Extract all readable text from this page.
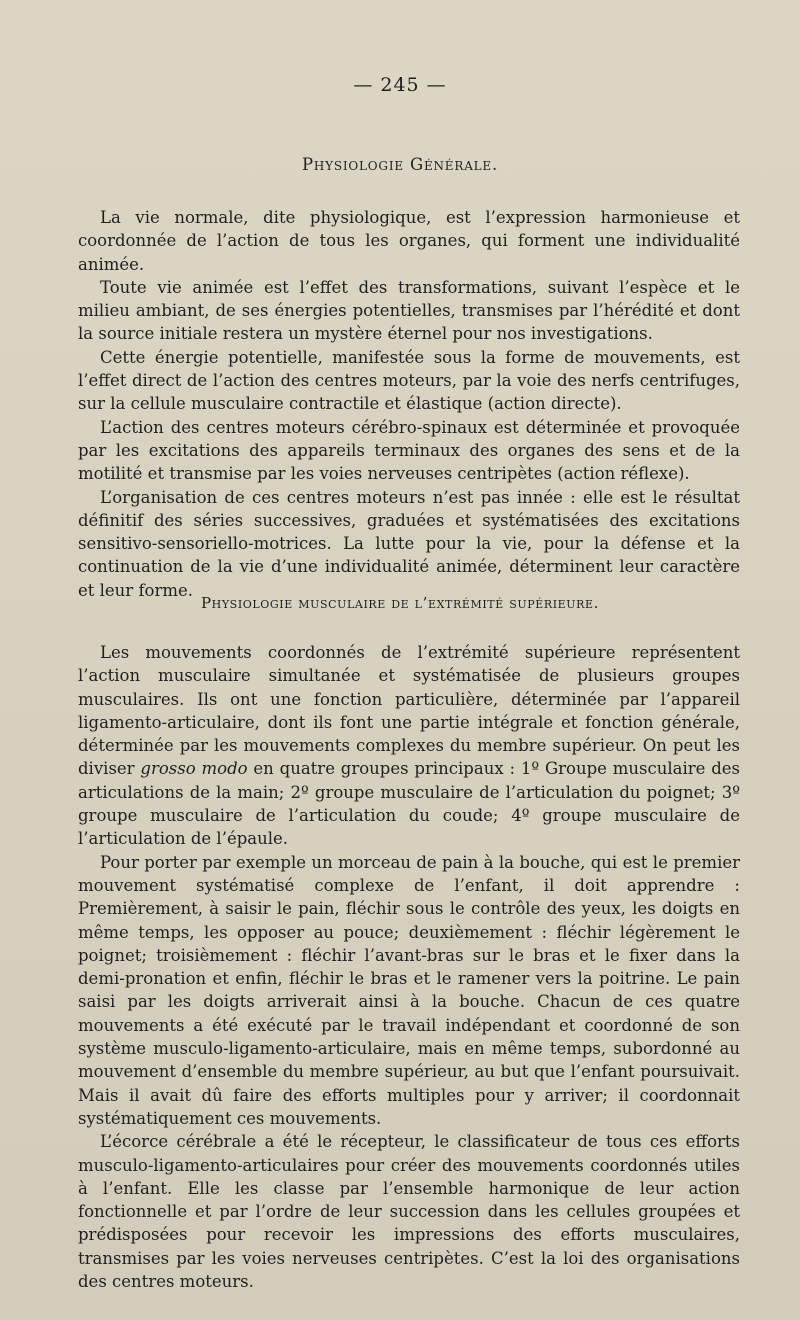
— 245 —
Physiologie Générale.

La vie normale, dite physiologique, est l’expression harmonieuse et coordonnée de l’action de tous les organes, qui forment une individualité animée.

Toute vie animée est l’effet des transformations, suivant l’espèce et le milieu ambiant, de ses énergies potentielles, transmises par l’hérédité et dont la source initiale restera un mystère éternel pour nos investigations.

Cette énergie potentielle, manifestée sous la forme de mouvements, est l’effet direct de l’action des centres moteurs, par la voie des nerfs centrifuges, sur la cellule musculaire contractile et élastique (action directe).

L’action des centres moteurs cérébro-spinaux est déterminée et provoquée par les excitations des appareils terminaux des organes des sens et de la motilité et transmise par les voies nerveuses centripètes (action réflexe).

L’organisation de ces centres moteurs n’est pas innée : elle est le résultat définitif des séries successives, graduées et systématisées des excitations sensitivo-sensoriello-motrices. La lutte pour la vie, pour la défense et la continuation de la vie d’une individualité animée, déterminent leur caractère et leur forme.

Physiologie musculaire de l’extrémité supérieure.

Les mouvements coordonnés de l’extrémité supérieure représentent l’action musculaire simultanée et systématisée de plusieurs groupes musculaires. Ils ont une fonction particulière, déterminée par l’appareil ligamento-articulaire, dont ils font une partie intégrale et fonction générale, déterminée par les mouvements complexes du membre supérieur. On peut les diviser grosso modo en quatre groupes principaux : 1º Groupe musculaire des articulations de la main; 2º groupe musculaire de l’articulation du poignet; 3º groupe musculaire de l’articulation du coude; 4º groupe musculaire de l’articulation de l’épaule.

Pour porter par exemple un morceau de pain à la bouche, qui est le premier mouvement systématisé complexe de l’enfant, il doit apprendre : Premièrement, à saisir le pain, fléchir sous le contrôle des yeux, les doigts en même temps, les opposer au pouce; deuxièmement : fléchir légèrement le poignet; troisièmement : fléchir l’avant-bras sur le bras et le fixer dans la demi-pronation et enfin, fléchir le bras et le ramener vers la poitrine. Le pain saisi par les doigts arriverait ainsi à la bouche. Chacun de ces quatre mouvements a été exécuté par le travail indépendant et coordonné de son système musculo-ligamento-articulaire, mais en même temps, subordonné au mouvement d’ensemble du membre supérieur, au but que l’enfant poursuivait. Mais il avait dû faire des efforts multiples pour y arriver; il coordonnait systématiquement ces mouvements.

L’écorce cérébrale a été le récepteur, le classificateur de tous ces efforts musculo-ligamento-articulaires pour créer des mouvements coordonnés utiles à l’enfant. Elle les classe par l’ensemble harmonique de leur action fonctionnelle et par l’ordre de leur succession dans les cellules groupées et prédisposées pour recevoir les impressions des efforts musculaires, transmises par les voies nerveuses centripètes. C’est la loi des organisations des centres moteurs.
